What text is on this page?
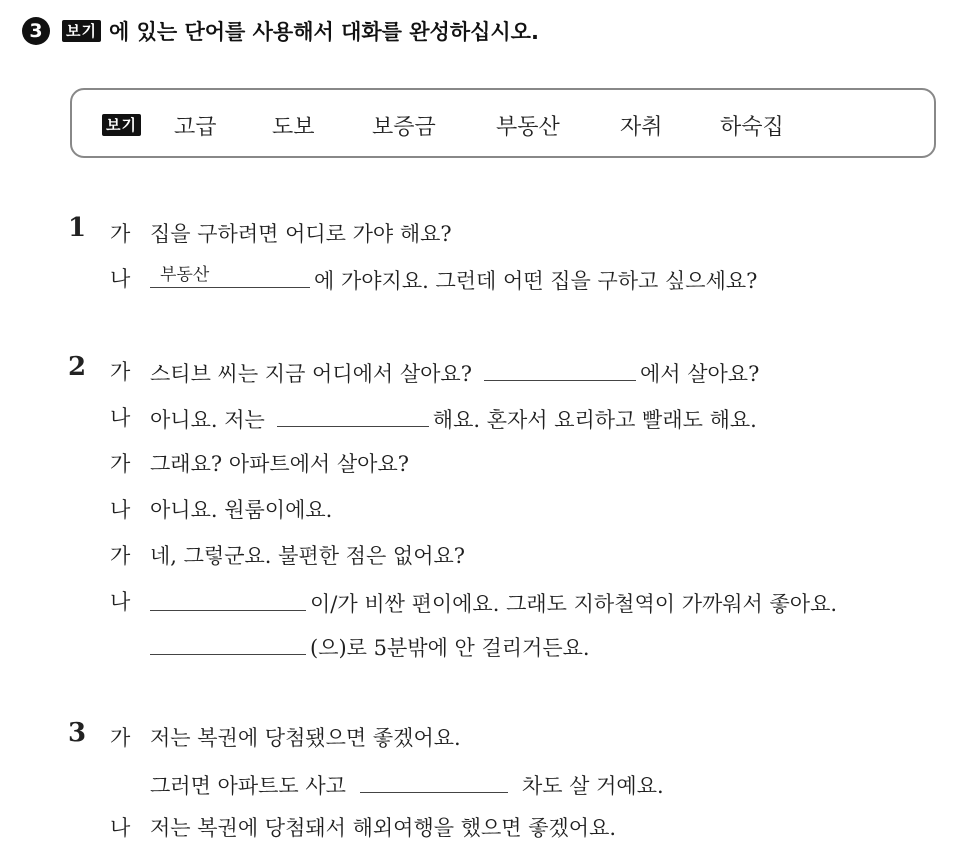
3	보기 에 있는 단어를 사용해서 대화를 완성하십시오.
보기 고급	도보	보증금	부동산	자취	하숙집
1 가 집을 구하려면 어디로 가야 해요?
나 부동산	에 가야지요. 그런데 어떤 집을 구하고 싶으세요?
2 가 스티브 씨는 지금 어디에서 살아요?	에서 살아요?
나 아니요. 저는	해요. 혼자서 요리하고 빨래도 해요.
가 그래요? 아파트에서 살아요?
나 아니요. 원룸이에요.
가 네, 그렇군요. 불편한 점은 없어요?
나	이/가 비싼 편이에요. 그래도 지하철역이 가까워서 좋아요.
(으)로 5분밖에 안 걸리거든요.
3 가 저는 복권에 당첨됐으면 좋겠어요.
그러면 아파트도 사고	차도 살 거예요.
나 저는 복권에 당첨돼서 해외여행을 했으면 좋겠어요.
